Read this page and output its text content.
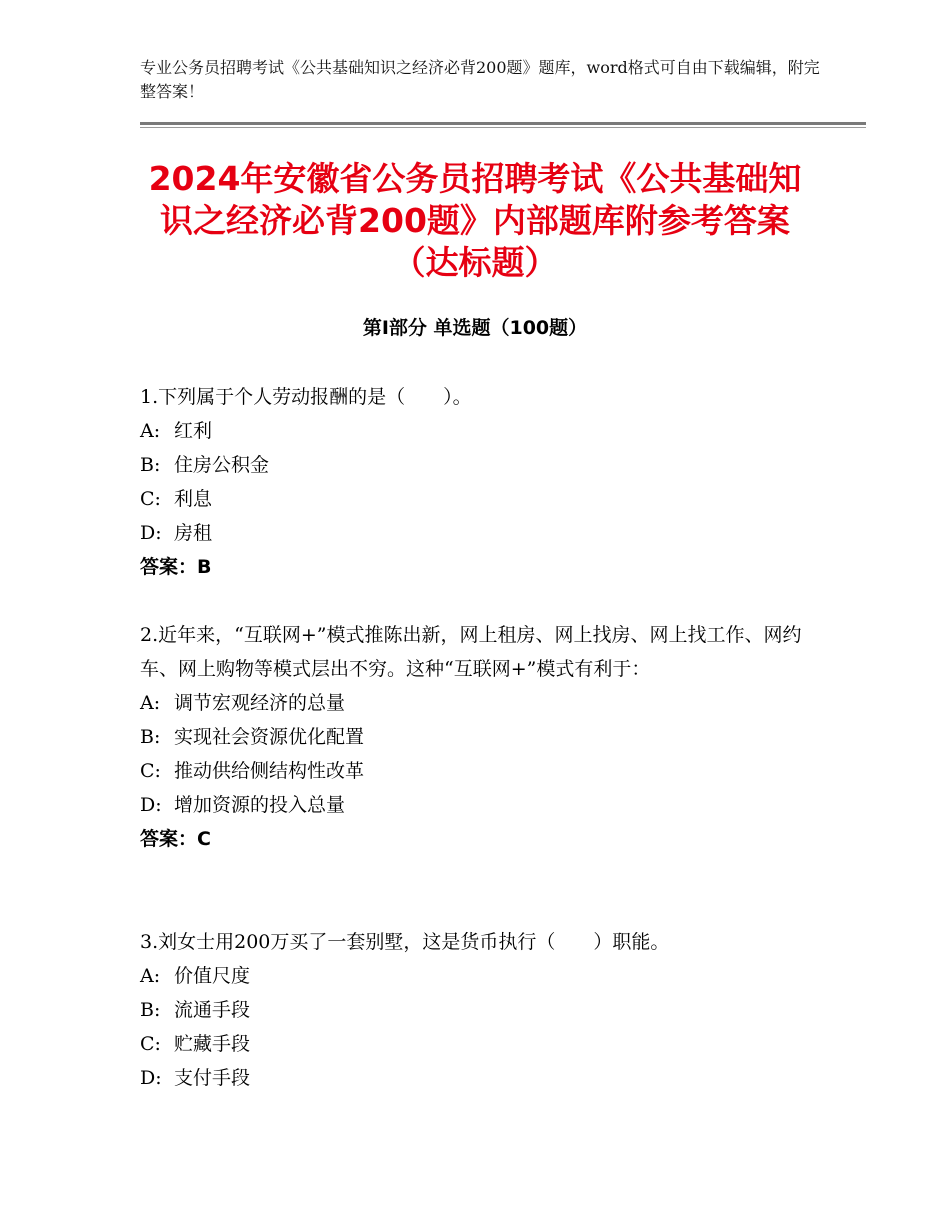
专业公务员招聘考试《公共基础知识之经济必背200题》题库，word格式可自由下载编辑，附完整答案！
2024年安徽省公务员招聘考试《公共基础知
识之经济必背200题》内部题库附参考答案
（达标题）
第Ⅰ部分 单选题（100题）
1.下列属于个人劳动报酬的是（　　）。
A: 红利
B: 住房公积金
C: 利息
D: 房租
答案：B
2.近年来，“互联网+”模式推陈出新，网上租房、网上找房、网上找工作、网约车、网上购物等模式层出不穷。这种“互联网+”模式有利于：
A: 调节宏观经济的总量
B: 实现社会资源优化配置
C: 推动供给侧结构性改革
D: 增加资源的投入总量
答案：C
3.刘女士用200万买了一套别墅，这是货币执行（　　）职能。
A: 价值尺度
B: 流通手段
C: 贮藏手段
D: 支付手段
